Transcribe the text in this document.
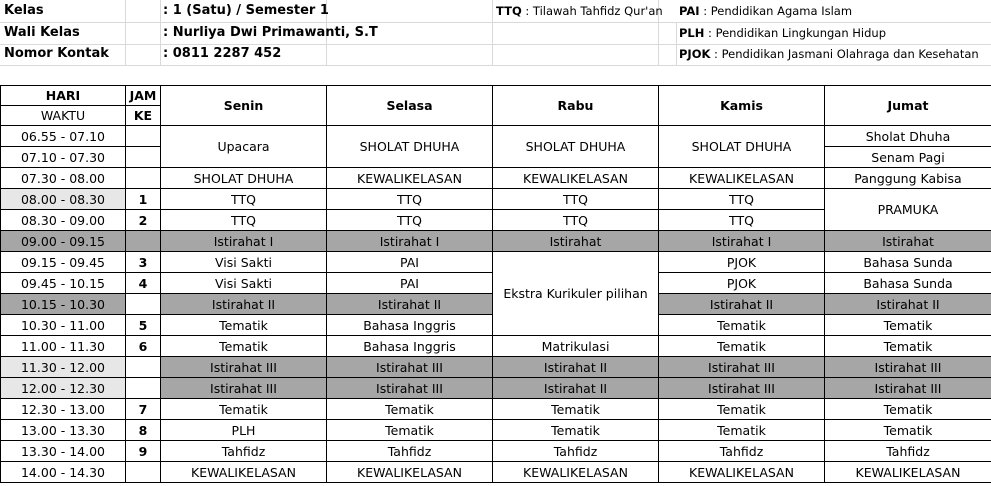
Kelas	: 1 (Satu) / Semester 1
Wali Kelas	: Nurliya Dwi Primawanti, S.T
Nomor Kontak	: 0811 2287 452
TTQ : Tilawah Tahfidz Qur'an PAI : Pendidikan Agama Islam
PLH : Pendidikan Lingkungan Hidup
PJOK : Pendidikan Jasmani Olahraga dan Kesehatan
HARI	JAM	Senin	Selasa	Rabu	Kamis	Jumat
WAKTU	KE					
06.55 - 07.10		Upacara	SHOLAT DHUHA	SHOLAT DHUHA	SHOLAT DHUHA	Sholat Dhuha
07.10 - 07.30						Senam Pagi
07.30 - 08.00		SHOLAT DHUHA	KEWALIKELASAN	KEWALIKELASAN	KEWALIKELASAN	Panggung Kabisa
08.00 - 08.30	1	TTQ	TTQ	TTQ	TTQ	PRAMUKA
08.30 - 09.00	2	TTQ	TTQ	TTQ	TTQ	
09.00 - 09.15		Istirahat I	Istirahat I	Istirahat	Istirahat I	Istirahat
09.15 - 09.45	3	Visi Sakti	PAI	Ekstra Kurikuler pilihan	PJOK	Bahasa Sunda
09.45 - 10.15	4	Visi Sakti	PAI		PJOK	Bahasa Sunda
10.15 - 10.30		Istirahat II	Istirahat II		Istirahat II	Istirahat II
10.30 - 11.00	5	Tematik	Bahasa Inggris		Tematik	Tematik
11.00 - 11.30	6	Tematik	Bahasa Inggris	Matrikulasi	Tematik	Tematik
11.30 - 12.00		Istirahat III	Istirahat III	Istirahat II	Istirahat III	Istirahat III
12.00 - 12.30		Istirahat III	Istirahat III	Istirahat II	Istirahat III	Istirahat III
12.30 - 13.00	7	Tematik	Tematik	Tematik	Tematik	Tematik
13.00 - 13.30	8	PLH	Tematik	Tematik	Tematik	Tematik
13.30 - 14.00	9	Tahfidz	Tahfidz	Tahfidz	Tahfidz	Tahfidz
14.00 - 14.30		KEWALIKELASAN	KEWALIKELASAN	KEWALIKELASAN	KEWALIKELASAN	KEWALIKELASAN
